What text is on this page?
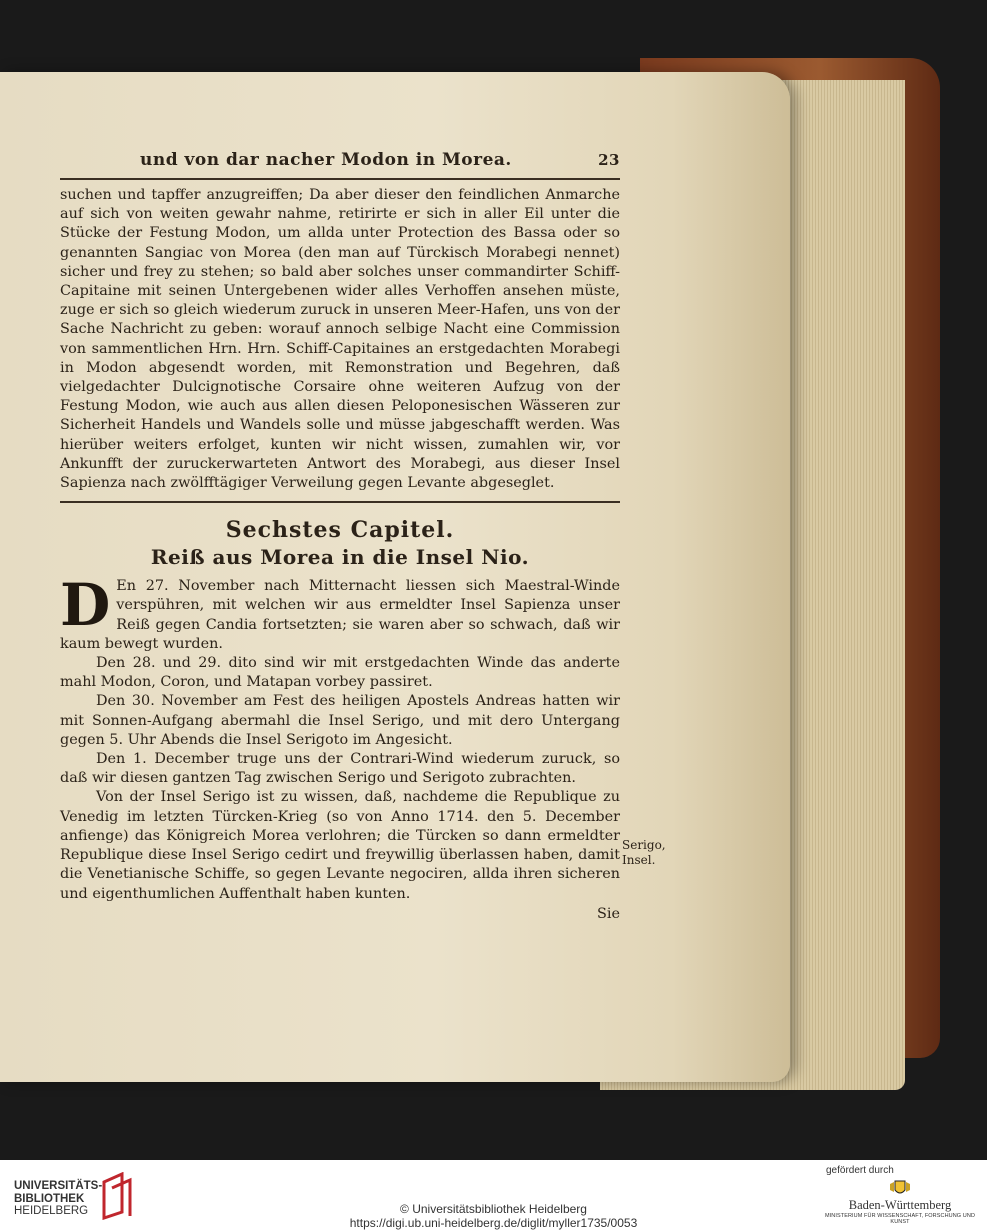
und von dar nacher Modon in Morea.	23

suchen und tapffer anzugreiffen; Da aber dieser den feindlichen Anmarche auf sich von weiten gewahr nahme, retirirte er sich in aller Eil unter die Stücke der Festung Modon, um allda unter Protection des Bassa oder so genannten Sangiac von Morea (den man auf Türckisch Morabegi nennet) sicher und frey zu stehen; so bald aber solches unser commandirter Schiff-Capitaine mit seinen Untergebenen wider alles Verhoffen ansehen müste, zuge er sich so gleich wiederum zuruck in unseren Meer-Hafen, uns von der Sache Nachricht zu geben: worauf annoch selbige Nacht eine Commission von sammentlichen Hrn. Hrn. Schiff-Capitaines an erstgedachten Morabegi in Modon abgesendt worden, mit Remonstration und Begehren, daß vielgedachter Dulcignotische Corsaire ohne weiteren Aufzug von der Festung Modon, wie auch aus allen diesen Peloponesischen Wässeren zur Sicherheit Handels und Wandels solle und müsse jabgeschafft werden. Was hierüber weiters erfolget, kunten wir nicht wissen, zumahlen wir, vor Ankunfft der zuruckerwarteten Antwort des Morabegi, aus dieser Insel Sapienza nach zwölfftägiger Verweilung gegen Levante abgeseglet.

Sechstes Capitel.
Reiß aus Morea in die Insel Nio.

D En 27. November nach Mitternacht liessen sich Maestral-Winde verspühren, mit welchen wir aus ermeldter Insel Sapienza unser Reiß gegen Candia fortsetzten; sie waren aber so schwach, daß wir kaum bewegt wurden.

Den 28. und 29. dito sind wir mit erstgedachten Winde das anderte mahl Modon, Coron, und Matapan vorbey passiret.

Den 30. November am Fest des heiligen Apostels Andreas hatten wir mit Sonnen-Aufgang abermahl die Insel Serigo, und mit dero Untergang gegen 5. Uhr Abends die Insel Serigoto im Angesicht.

Den 1. December truge uns der Contrari-Wind wiederum zuruck, so daß wir diesen gantzen Tag zwischen Serigo und Serigoto zubrachten.

Von der Insel Serigo ist zu wissen, daß, nachdeme die Republique zu Venedig im letzten Türcken-Krieg (so von Anno 1714. den 5. December anfienge) das Königreich Morea verlohren; die Türcken so dann ermeldter Republique diese Insel Serigo cedirt und freywillig überlassen haben, damit die Venetianische Schiffe, so gegen Levante negociren, allda ihren sicheren und eigenthumlichen Auffenthalt haben kunten.

Sie
Serigo,
Insel.
UNIVERSITÄTS-
BIBLIOTHEK
HEIDELBERG	© Universitätsbibliothek Heidelberg
https://digi.ub.uni-heidelberg.de/diglit/myller1735/0053
gefördert durch
Baden-Württemberg
MINISTERIUM FÜR WISSENSCHAFT, FORSCHUNG UND KUNST
